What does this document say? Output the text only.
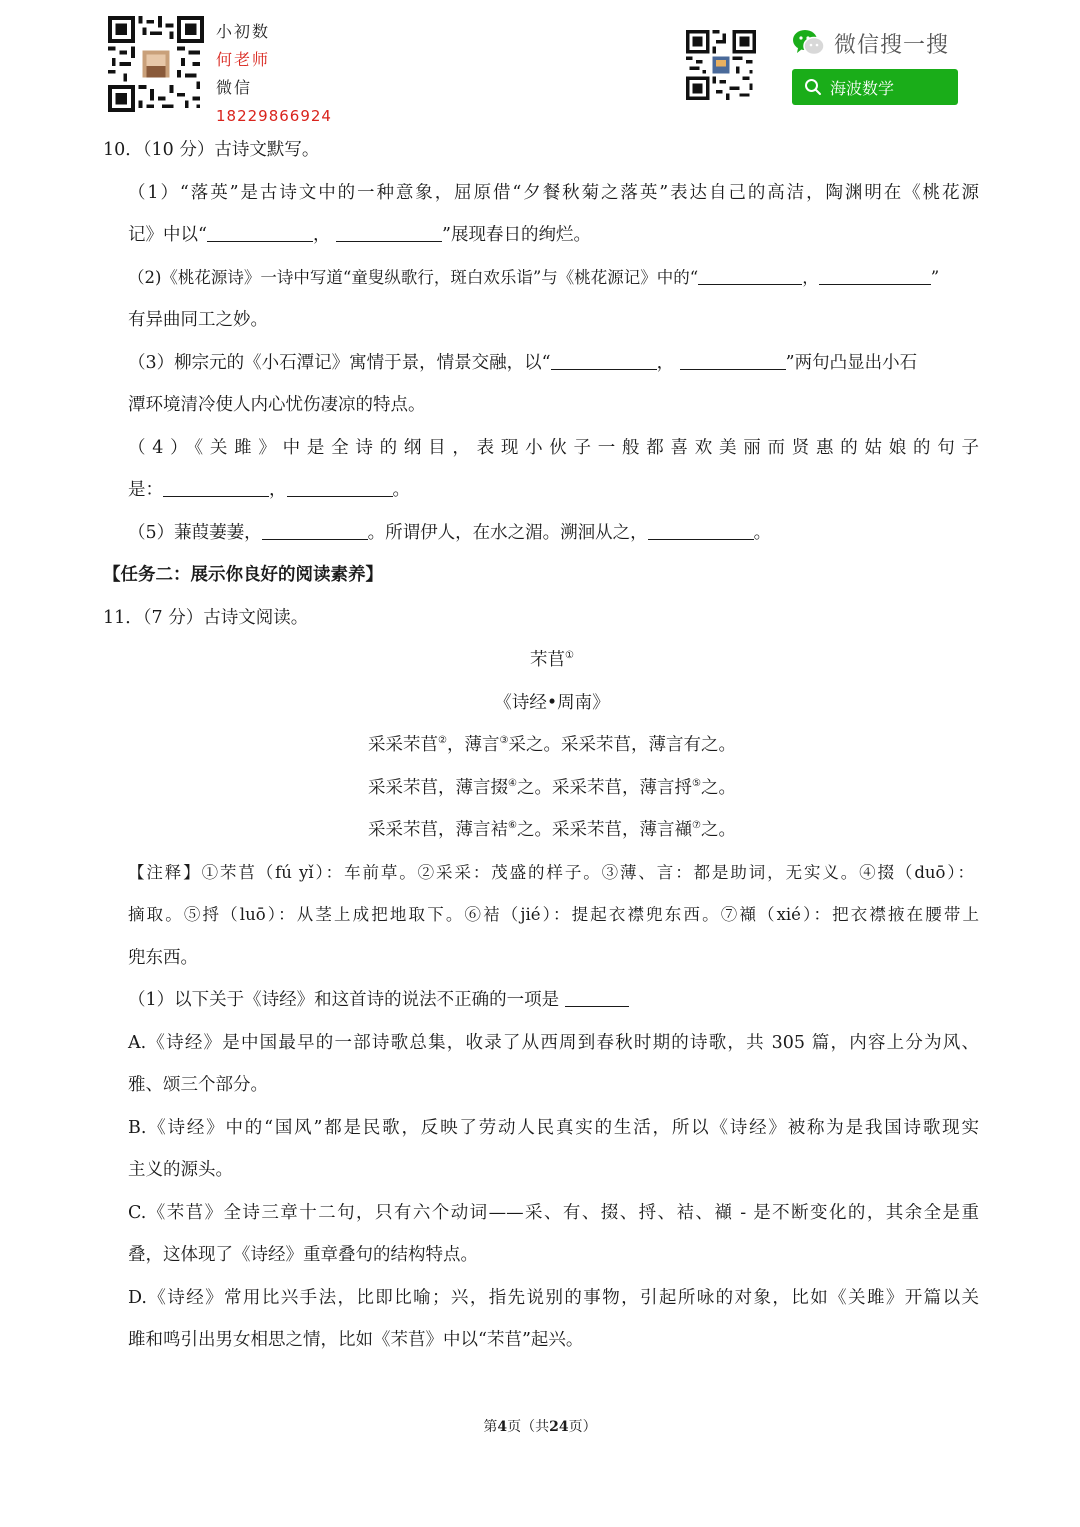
小初数
何老师
微信
18229866924
微信搜一搜
海波数学
10．（10 分）古诗文默写。
（1）“落英”是古诗文中的一种意象，屈原借“夕餐秋菊之落英”表达自己的高洁，陶渊明在《桃花源
记》中以“	，	”展现春日的绚烂。
（2)《桃花源诗》一诗中写道“童叟纵歌行，斑白欢乐诣”与《桃花源记》中的“	，	”
有异曲同工之妙。
（3）柳宗元的《小石潭记》寓情于景，情景交融，以“	，	”两句凸显出小石
潭环境清冷使人内心忧伤凄凉的特点。
（4）《关雎》中是全诗的纲目，表现小伙子一般都喜欢美丽而贤惠的姑娘的句子
是：	，	。
（5）蒹葭萋萋，	。所谓伊人，在水之湄。溯洄从之，	。
【任务二：展示你良好的阅读素养】
11．（7 分）古诗文阅读。
芣苢①
《诗经•周南》
采采芣苢②，薄言③采之。采采芣苢，薄言有之。
采采芣苢，薄言掇④之。采采芣苢，薄言捋⑤之。
采采芣苢，薄言袺⑥之。采采芣苢，薄言襭⑦之。
【注释】①芣苢（fú yǐ）：车前草。②采采：茂盛的样子。③薄、言：都是助词，无实义。④掇（duō）：
摘取。⑤捋（luō）：从茎上成把地取下。⑥袺（jié）：提起衣襟兜东西。⑦襭（xié）：把衣襟掖在腰带上
兜东西。
（1）以下关于《诗经》和这首诗的说法不正确的一项是
A.《诗经》是中国最早的一部诗歌总集，收录了从西周到春秋时期的诗歌，共 305 篇，内容上分为风、
雅、颂三个部分。
B.《诗经》中的“国风”都是民歌，反映了劳动人民真实的生活，所以《诗经》被称为是我国诗歌现实
主义的源头。
C.《芣苢》全诗三章十二句，只有六个动词——采、有、掇、捋、袺、襭 - 是不断变化的，其余全是重
叠，这体现了《诗经》重章叠句的结构特点。
D.《诗经》常用比兴手法，比即比喻；兴，指先说别的事物，引起所咏的对象，比如《关雎》开篇以关
雎和鸣引出男女相思之情，比如《芣苢》中以“芣苢”起兴。
第4页（共24页）
